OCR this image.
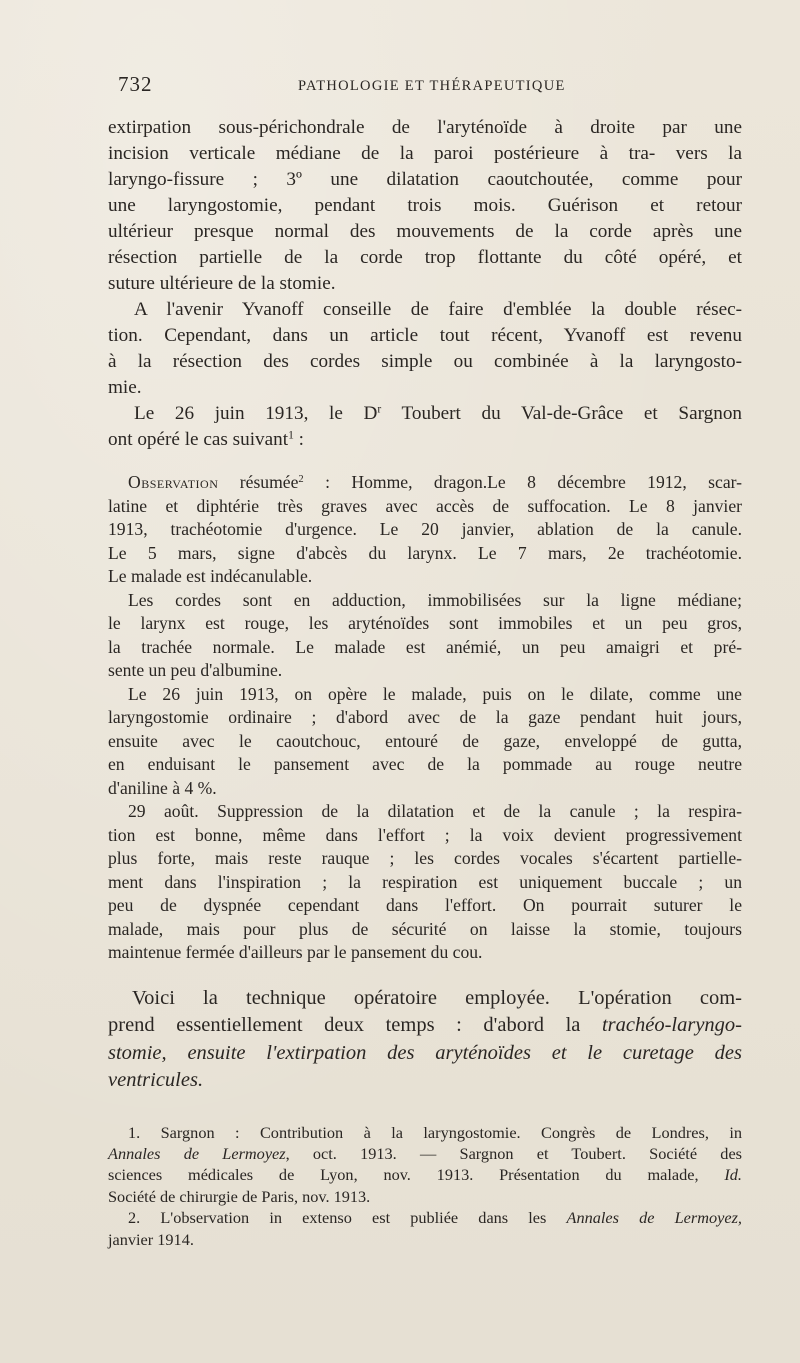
732	PATHOLOGIE ET THÉRAPEUTIQUE
extirpation sous-périchondrale de l'aryténoïde à droite par une
incision verticale médiane de la paroi postérieure à tra- vers la
laryngo-fissure ; 3º une dilatation caoutchoutée, comme pour
une laryngostomie, pendant trois mois. Guérison et retour
ultérieur presque normal des mouvements de la corde après une
résection partielle de la corde trop flottante du côté opéré, et
suture ultérieure de la stomie.
A l'avenir Yvanoff conseille de faire d'emblée la double résec-
tion. Cependant, dans un article tout récent, Yvanoff est revenu
à la résection des cordes simple ou combinée à la laryngosto-
mie.
Le 26 juin 1913, le $D^r$ Toubert du Val-de-Grâce et Sargnon
ont opéré le cas suivant$^1$ :
Observation résumée$^2$ : Homme, dragon.Le 8 décembre 1912, scar-
latine et diphtérie très graves avec accès de suffocation. Le 8 janvier
1913, trachéotomie d'urgence. Le 20 janvier, ablation de la canule.
Le 5 mars, signe d'abcès du larynx. Le 7 mars, 2e trachéotomie.
Le malade est indécanulable.
Les cordes sont en adduction, immobilisées sur la ligne médiane;
le larynx est rouge, les aryténoïdes sont immobiles et un peu gros,
la trachée normale. Le malade est anémié, un peu amaigri et pré-
sente un peu d'albumine.
Le 26 juin 1913, on opère le malade, puis on le dilate, comme une
laryngostomie ordinaire ; d'abord avec de la gaze pendant huit jours,
ensuite avec le caoutchouc, entouré de gaze, enveloppé de gutta,
en enduisant le pansement avec de la pommade au rouge neutre
d'aniline à 4 %.
29 août. Suppression de la dilatation et de la canule ; la respira-
tion est bonne, même dans l'effort ; la voix devient progressivement
plus forte, mais reste rauque ; les cordes vocales s'écartent partielle-
ment dans l'inspiration ; la respiration est uniquement buccale ; un
peu de dyspnée cependant dans l'effort. On pourrait suturer le
malade, mais pour plus de sécurité on laisse la stomie, toujours
maintenue fermée d'ailleurs par le pansement du cou.
Voici la technique opératoire employée. L'opération com-
prend essentiellement deux temps : d'abord la trachéo-laryngo-
stomie, ensuite l'extirpation des aryténoïdes et le curetage des
ventricules.
1. Sargnon : Contribution à la laryngostomie. Congrès de Londres, in
Annales de Lermoyez, oct. 1913. — Sargnon et Toubert. Société des
sciences médicales de Lyon, nov. 1913. Présentation du malade, Id.
Société de chirurgie de Paris, nov. 1913.
2. L'observation in extenso est publiée dans les Annales de Lermoyez,
janvier 1914.
